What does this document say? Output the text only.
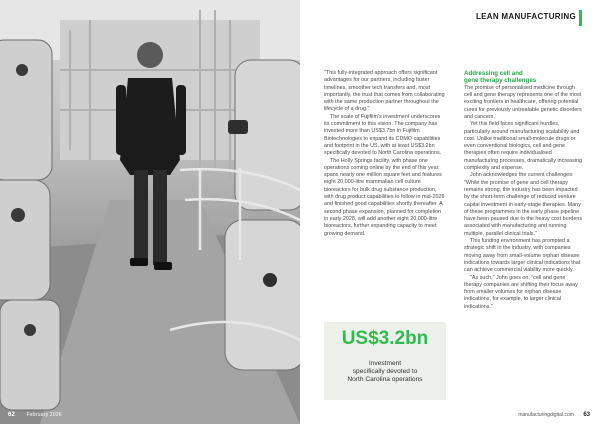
62 February 2026
LEAN MANUFACTURING

"This fully-integrated approach offers significant advantages for our partners, including faster timelines, smoother tech transfers and, most importantly, the trust that comes from collaborating with the same production partner throughout the lifecycle of a drug."

The scale of Fujifilm's investment underscores its commitment to this vision. The company has invested more than US$3.7bn in Fujifilm Biotechnologies to expand its CDMO capabilities and footprint in the US, with at least US$3.2bn specifically devoted to North Carolina operations.

The Holly Springs facility, with phase one operations coming online by the end of this year, spans nearly one million square feet and features eight 20,000-litre mammalian cell culture bioreactors for bulk drug substance production, with drug product capabilities to follow in mid-2026 and finished good capabilities shortly thereafter. A second phase expansion, planned for completion in early 2028, will add another eight 20,000-litre bioreactors, further expanding capacity to meet growing demand.

US$3.2bn
Investment
specifically devoted to
North Carolina operations

Addressing cell and
gene therapy challenges

The promise of personalised medicine through cell and gene therapy represents one of the most exciting frontiers in healthcare, offering potential cures for previously untreatable genetic disorders and cancers.

Yet this field faces significant hurdles, particularly around manufacturing scalability and cost. Unlike traditional small-molecule drugs or even conventional biologics, cell and gene therapies often require individualised manufacturing processes, dramatically increasing complexity and expense.

John acknowledges the current challenges: "While the promise of gene and cell therapy remains strong, the industry has been impacted by the short-term challenge of reduced venture capital investment in early-stage therapies. Many of these programmes in the early phase pipeline have been paused due to the heavy cost burdens associated with manufacturing and running multiple, parallel clinical trials."

This funding environment has prompted a strategic shift in the industry, with companies moving away from small-volume orphan disease indications towards larger clinical indications that can achieve commercial viability more quickly.

"As such," John goes on, "cell and gene therapy companies are shifting their focus away from smaller volumes for orphan disease indications, for example, to larger clinical indications."

manufacturingdigital.com 63
